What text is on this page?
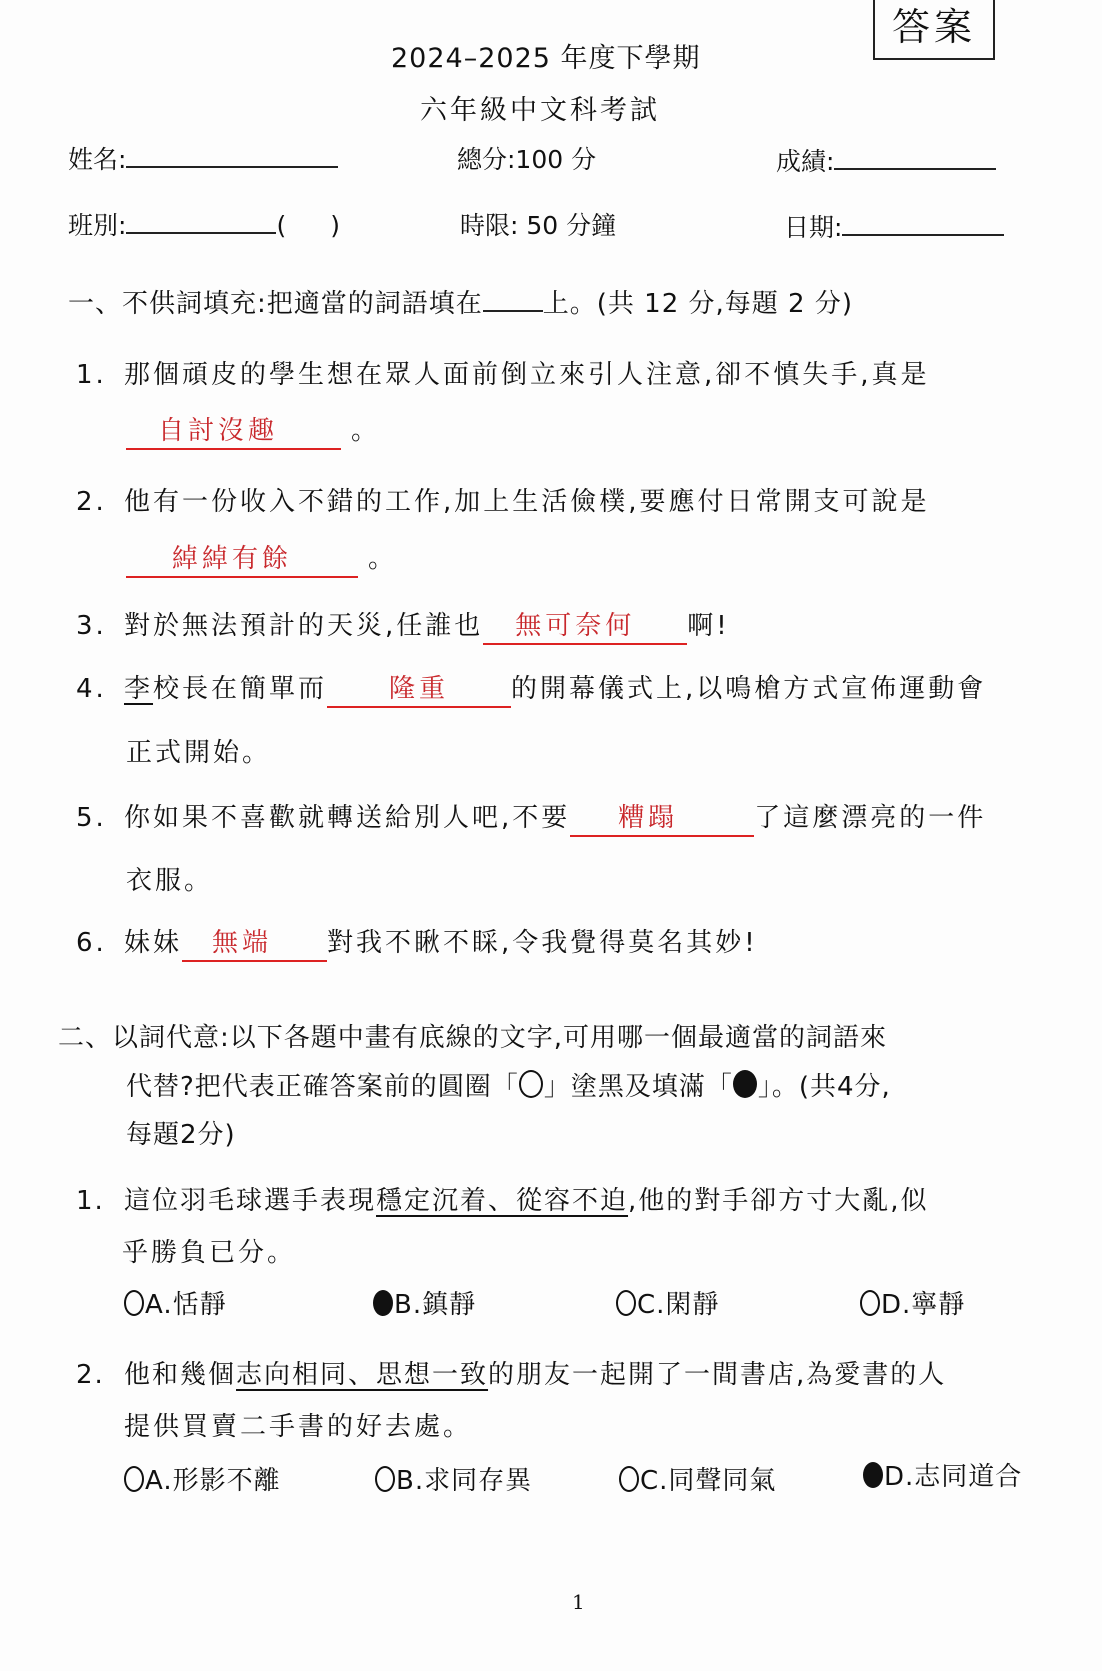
答案
2024–2025 年度下學期
六年級中文科考試
姓名:	總分:100 分	成績:
班別:	( )	時限: 50 分鐘	日期:
一、不供詞填充:把適當的詞語填在 上。(共 12 分,每題 2 分)
1. 那個頑皮的學生想在眾人面前倒立來引人注意,卻不慎失手,真是
自討沒趣	。
2. 他有一份收入不錯的工作,加上生活儉樸,要應付日常開支可說是
綽綽有餘	。
3. 對於無法預計的天災,任誰也 無可奈何 啊!
4. 李校長在簡單而 隆重 的開幕儀式上,以鳴槍方式宣佈運動會
正式開始。
5. 你如果不喜歡就轉送給別人吧,不要 糟蹋	了這麼漂亮的一件
衣服。
6. 妹妹 無端 對我不瞅不睬,令我覺得莫名其妙!
二、以詞代意:以下各題中畫有底線的文字,可用哪一個最適當的詞語來
代替?把代表正確答案前的圓圈「 」塗黑及填滿「 」。(共4分,
每題2分)
1. 這位羽毛球選手表現穩定沉着、從容不迫,他的對手卻方寸大亂,似
乎勝負已分。
A.恬靜	B.鎮靜	C.閑靜	D.寧靜
2. 他和幾個志向相同、思想一致的朋友一起開了一間書店,為愛書的人
提供買賣二手書的好去處。
A.形影不離	B.求同存異	C.同聲同氣	D.志同道合
1
